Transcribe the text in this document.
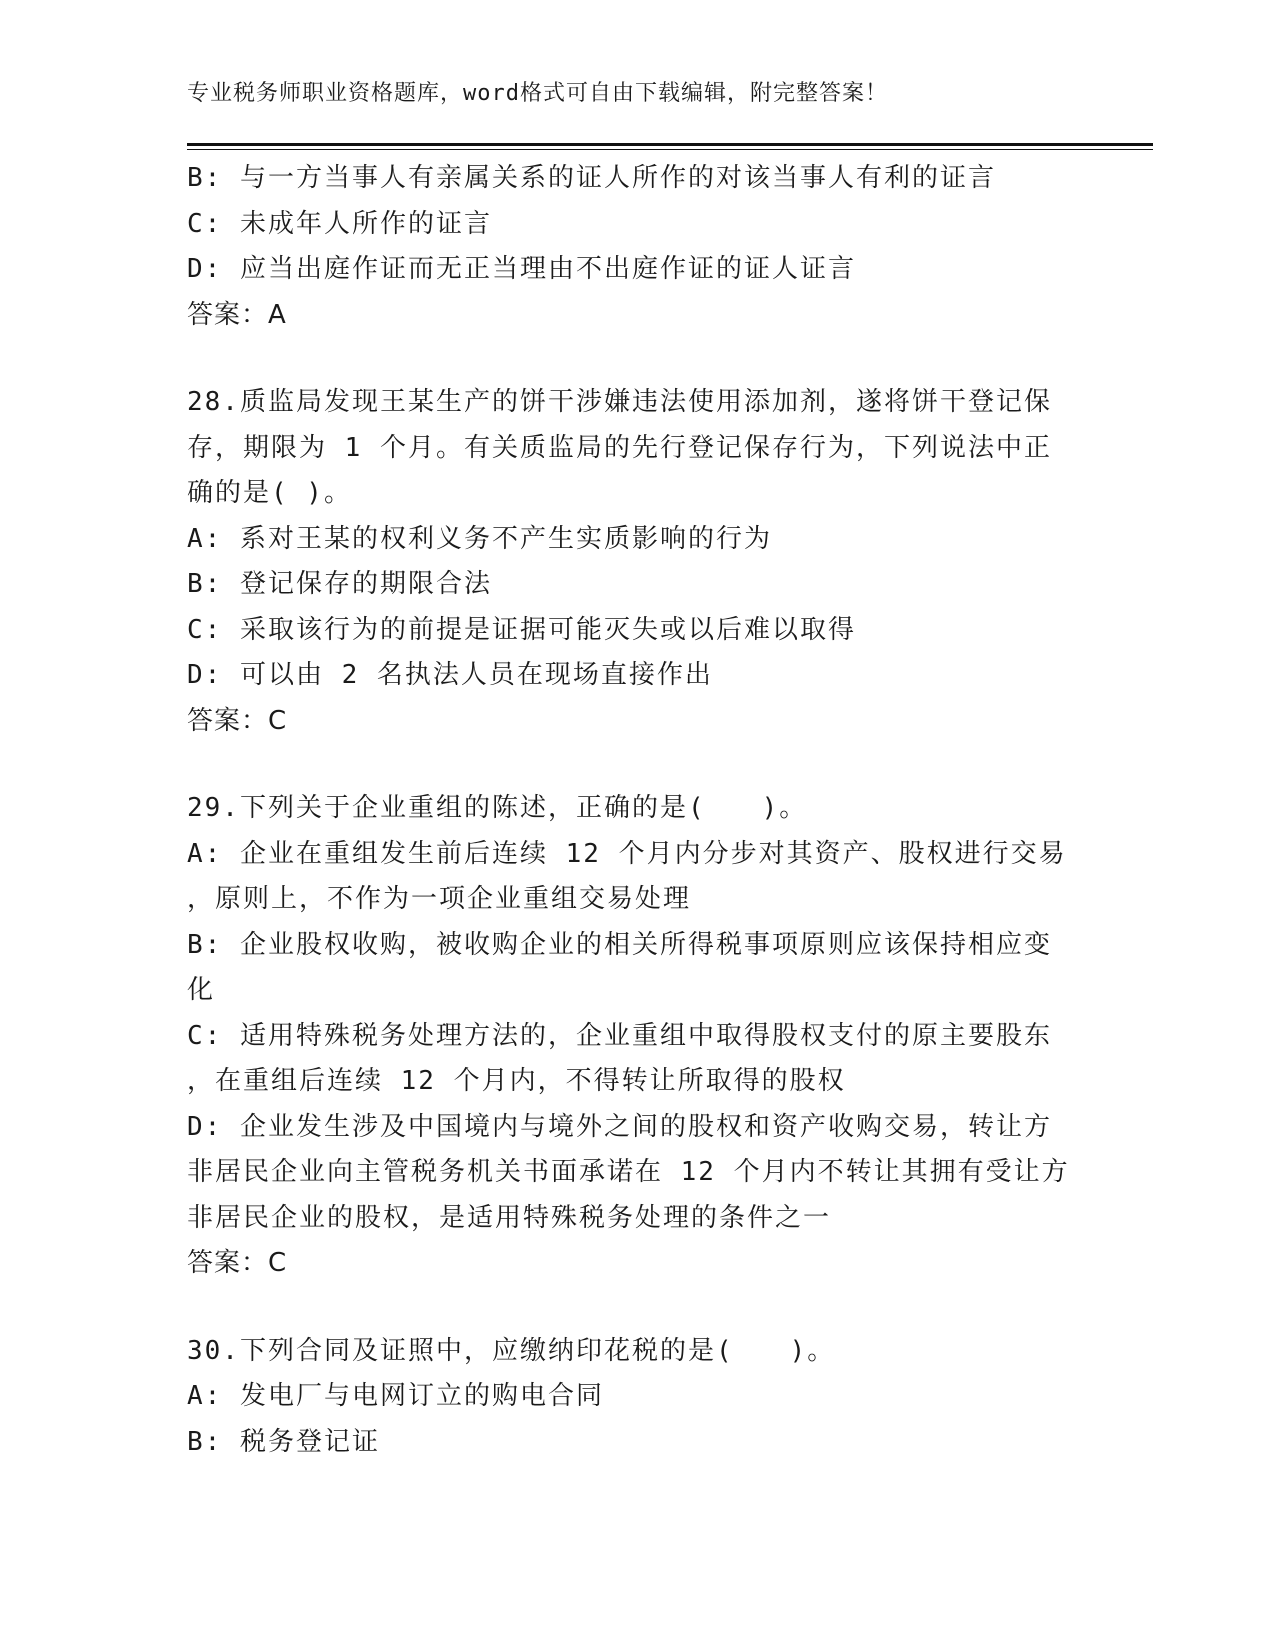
专业税务师职业资格题库，word格式可自由下载编辑，附完整答案！
B: 与一方当事人有亲属关系的证人所作的对该当事人有利的证言
C: 未成年人所作的证言
D: 应当出庭作证而无正当理由不出庭作证的证人证言
答案：A
28.质监局发现王某生产的饼干涉嫌违法使用添加剂，遂将饼干登记保
存，期限为 1 个月。有关质监局的先行登记保存行为，下列说法中正
确的是( )。
A: 系对王某的权利义务不产生实质影响的行为
B: 登记保存的期限合法
C: 采取该行为的前提是证据可能灭失或以后难以取得
D: 可以由 2 名执法人员在现场直接作出
答案：C
29.下列关于企业重组的陈述，正确的是(　　)。
A: 企业在重组发生前后连续 12 个月内分步对其资产、股权进行交易
，原则上，不作为一项企业重组交易处理
B: 企业股权收购，被收购企业的相关所得税事项原则应该保持相应变
化
C: 适用特殊税务处理方法的，企业重组中取得股权支付的原主要股东
，在重组后连续 12 个月内，不得转让所取得的股权
D: 企业发生涉及中国境内与境外之间的股权和资产收购交易，转让方
非居民企业向主管税务机关书面承诺在 12 个月内不转让其拥有受让方
非居民企业的股权，是适用特殊税务处理的条件之一
答案：C
30.下列合同及证照中，应缴纳印花税的是(　　)。
A: 发电厂与电网订立的购电合同
B: 税务登记证
